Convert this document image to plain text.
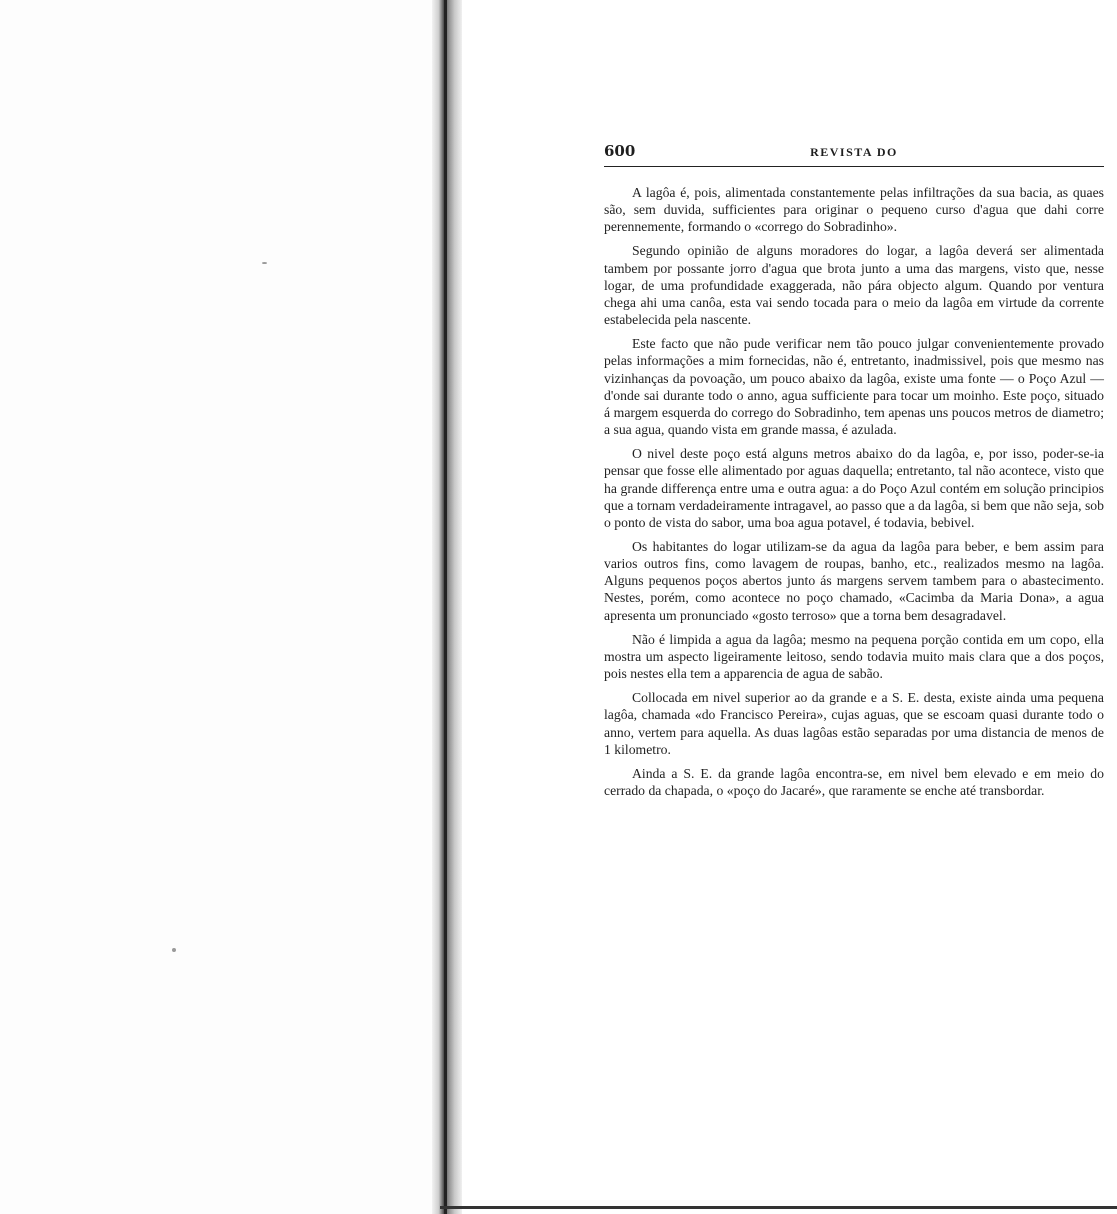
600	REVISTA DO

A lagôa é, pois, alimentada constantemente pelas infiltrações da sua bacia, as quaes são, sem duvida, sufficientes para originar o pequeno curso d'agua que dahi corre perennemente, formando o «corrego do Sobradinho».

Segundo opinião de alguns moradores do logar, a lagôa deverá ser alimentada tambem por possante jorro d'agua que brota junto a uma das margens, visto que, nesse logar, de uma profundidade exaggerada, não pára objecto algum. Quando por ventura chega ahi uma canôa, esta vai sendo tocada para o meio da lagôa em virtude da corrente estabelecida pela nascente.

Este facto que não pude verificar nem tão pouco julgar convenientemente provado pelas informações a mim fornecidas, não é, entretanto, inadmissivel, pois que mesmo nas vizinhanças da povoação, um pouco abaixo da lagôa, existe uma fonte — o Poço Azul — d'onde sai durante todo o anno, agua sufficiente para tocar um moinho. Este poço, situado á margem esquerda do corrego do Sobradinho, tem apenas uns poucos metros de diametro; a sua agua, quando vista em grande massa, é azulada.

O nivel deste poço está alguns metros abaixo do da lagôa, e, por isso, poder-se-ia pensar que fosse elle alimentado por aguas daquella; entretanto, tal não acontece, visto que ha grande differença entre uma e outra agua: a do Poço Azul contém em solução principios que a tornam verdadeiramente intragavel, ao passo que a da lagôa, si bem que não seja, sob o ponto de vista do sabor, uma boa agua potavel, é todavia, bebivel.

Os habitantes do logar utilizam-se da agua da lagôa para beber, e bem assim para varios outros fins, como lavagem de roupas, banho, etc., realizados mesmo na lagôa. Alguns pequenos poços abertos junto ás margens servem tambem para o abastecimento. Nestes, porém, como acontece no poço chamado, «Cacimba da Maria Dona», a agua apresenta um pronunciado «gosto terroso» que a torna bem desagradavel.

Não é limpida a agua da lagôa; mesmo na pequena porção contida em um copo, ella mostra um aspecto ligeiramente leitoso, sendo todavia muito mais clara que a dos poços, pois nestes ella tem a apparencia de agua de sabão.

Collocada em nivel superior ao da grande e a S. E. desta, existe ainda uma pequena lagôa, chamada «do Francisco Pereira», cujas aguas, que se escoam quasi durante todo o anno, vertem para aquella. As duas lagôas estão separadas por uma distancia de menos de 1 kilometro.

Ainda a S. E. da grande lagôa encontra-se, em nivel bem elevado e em meio do cerrado da chapada, o «poço do Jacaré», que raramente se enche até transbordar.
